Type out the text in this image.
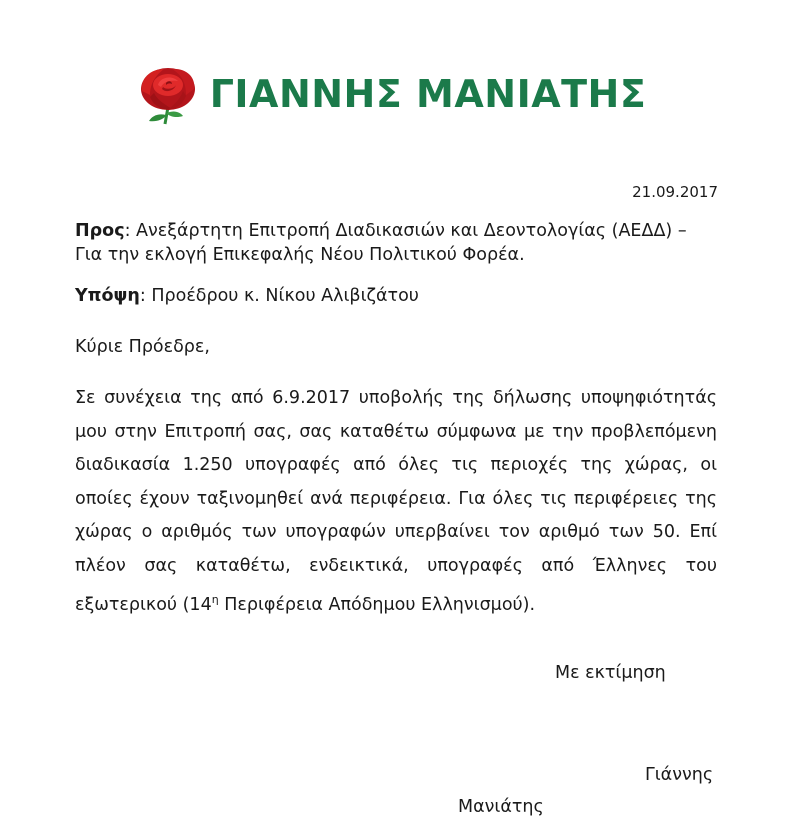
ΓΙΑΝΝΗΣ ΜΑΝΙΑΤΗΣ
21.09.2017
Προς: Ανεξάρτητη Επιτροπή Διαδικασιών και Δεοντολογίας (ΑΕΔΔ) – Για την εκλογή Επικεφαλής Νέου Πολιτικού Φορέα.
Υπόψη: Προέδρου κ. Νίκου Αλιβιζάτου
Κύριε Πρόεδρε,
Σε συνέχεια της από 6.9.2017 υποβολής της δήλωσης υποψηφιότητάς μου στην Επιτροπή σας, σας καταθέτω σύμφωνα με την προβλεπόμενη διαδικασία 1.250 υπογραφές από όλες τις περιοχές της χώρας, οι οποίες έχουν ταξινομηθεί ανά περιφέρεια. Για όλες τις περιφέρειες της χώρας ο αριθμός των υπογραφών υπερβαίνει τον αριθμό των 50. Επί πλέον σας καταθέτω, ενδεικτικά, υπογραφές από Έλληνες του εξωτερικού ($14^\eta$ Περιφέρεια Απόδημου Ελληνισμού).
Με εκτίμηση
Γιάννης
Μανιάτης
